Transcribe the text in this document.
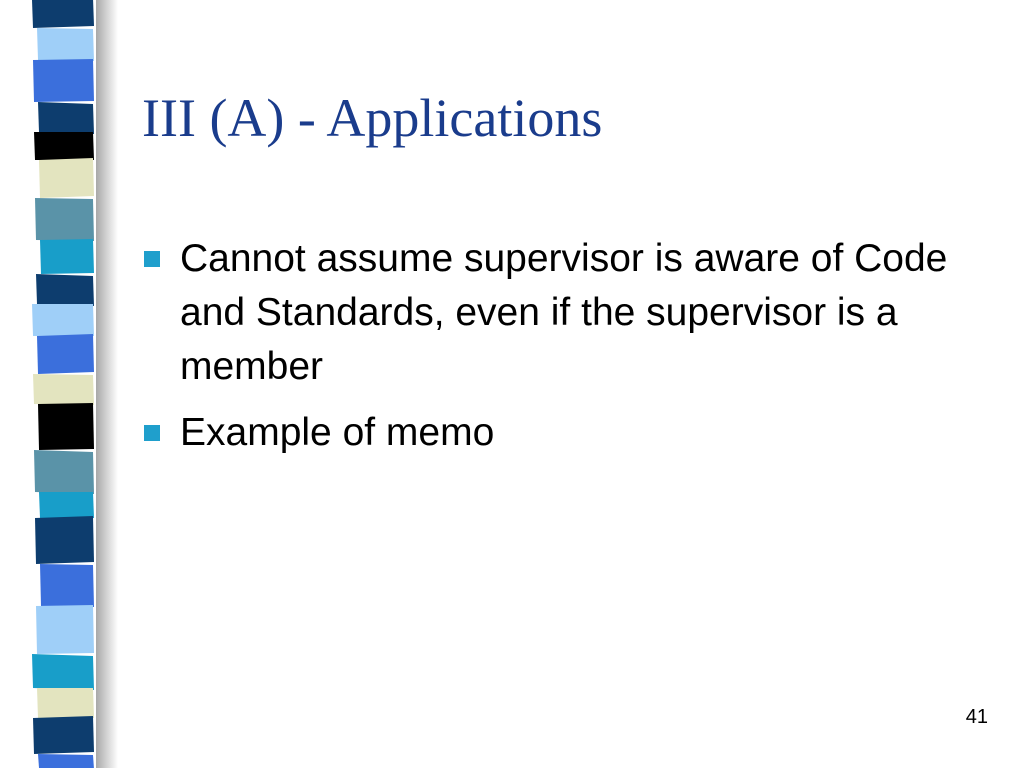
III (A) - Applications
Cannot assume supervisor is aware of Code and Standards, even if the supervisor is a member
Example of memo
41
